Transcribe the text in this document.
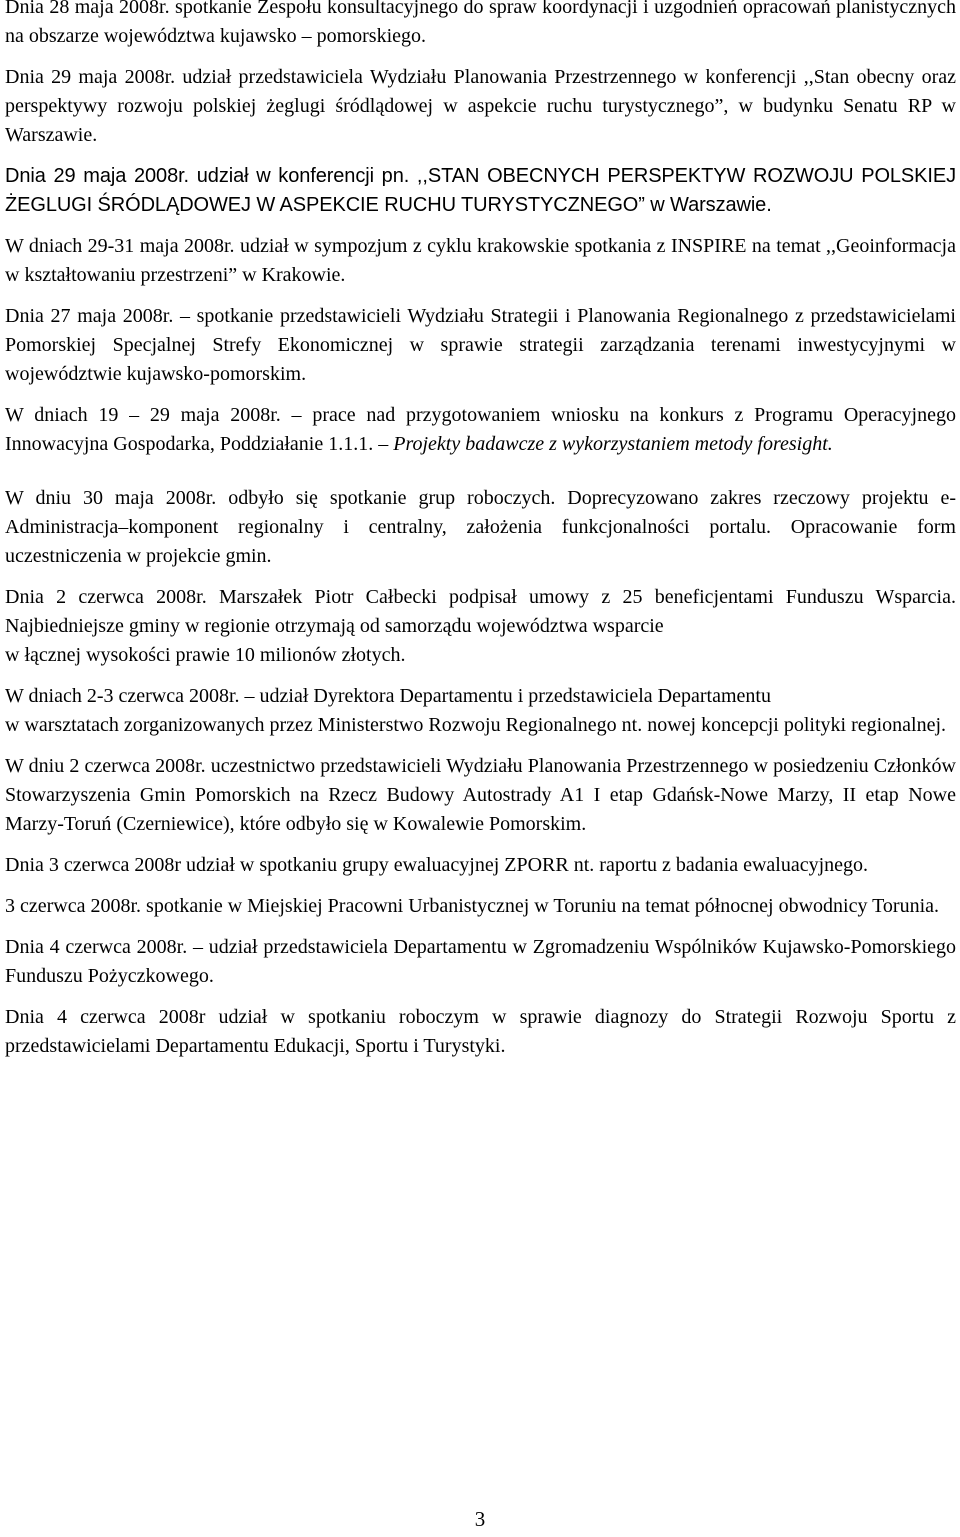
Dnia 28 maja 2008r. spotkanie Zespołu konsultacyjnego do spraw koordynacji i uzgodnień opracowań planistycznych na obszarze województwa kujawsko – pomorskiego.

Dnia 29 maja 2008r. udział przedstawiciela Wydziału Planowania Przestrzennego w konferencji ,,Stan obecny oraz perspektywy rozwoju polskiej żeglugi śródlądowej w aspekcie ruchu turystycznego”, w budynku Senatu RP w Warszawie.

Dnia 29 maja 2008r. udział w konferencji pn. ,,STAN OBECNYCH PERSPEKTYW ROZWOJU POLSKIEJ ŻEGLUGI ŚRÓDLĄDOWEJ W ASPEKCIE RUCHU TURYSTYCZNEGO” w Warszawie.

W dniach 29-31 maja 2008r. udział w sympozjum z cyklu krakowskie spotkania z INSPIRE na temat ,,Geoinformacja w kształtowaniu przestrzeni” w Krakowie.

Dnia 27 maja 2008r. – spotkanie przedstawicieli Wydziału Strategii i Planowania Regionalnego z przedstawicielami Pomorskiej Specjalnej Strefy Ekonomicznej w sprawie strategii zarządzania terenami inwestycyjnymi w województwie kujawsko-pomorskim.

W dniach 19 – 29 maja 2008r. – prace nad przygotowaniem wniosku na konkurs z Programu Operacyjnego Innowacyjna Gospodarka, Poddziałanie 1.1.1. – Projekty badawcze z wykorzystaniem metody foresight.

W dniu 30 maja 2008r. odbyło się spotkanie grup roboczych. Doprecyzowano zakres rzeczowy projektu e-Administracja–komponent regionalny i centralny, założenia funkcjonalności portalu. Opracowanie form uczestniczenia w projekcie gmin.

Dnia 2 czerwca 2008r. Marszałek Piotr Całbecki podpisał umowy z 25 beneficjentami Funduszu Wsparcia. Najbiedniejsze gminy w regionie otrzymają od samorządu województwa wsparcie
w łącznej wysokości prawie 10 milionów złotych.

W dniach 2-3 czerwca 2008r. – udział Dyrektora Departamentu i przedstawiciela Departamentu
w warsztatach zorganizowanych przez Ministerstwo Rozwoju Regionalnego nt. nowej koncepcji polityki regionalnej.

W dniu 2 czerwca 2008r. uczestnictwo przedstawicieli Wydziału Planowania Przestrzennego w posiedzeniu Członków Stowarzyszenia Gmin Pomorskich na Rzecz Budowy Autostrady A1 I etap Gdańsk-Nowe Marzy, II etap Nowe Marzy-Toruń (Czerniewice), które odbyło się w Kowalewie Pomorskim.

Dnia 3 czerwca 2008r udział w spotkaniu grupy ewaluacyjnej ZPORR nt. raportu z badania ewaluacyjnego.

3 czerwca 2008r. spotkanie w Miejskiej Pracowni Urbanistycznej w Toruniu na temat północnej obwodnicy Torunia.

Dnia 4 czerwca 2008r. – udział przedstawiciela Departamentu w Zgromadzeniu Wspólników Kujawsko-Pomorskiego Funduszu Pożyczkowego.

Dnia 4 czerwca 2008r udział w spotkaniu roboczym w sprawie diagnozy do Strategii Rozwoju Sportu z przedstawicielami Departamentu Edukacji, Sportu i Turystyki.

3
